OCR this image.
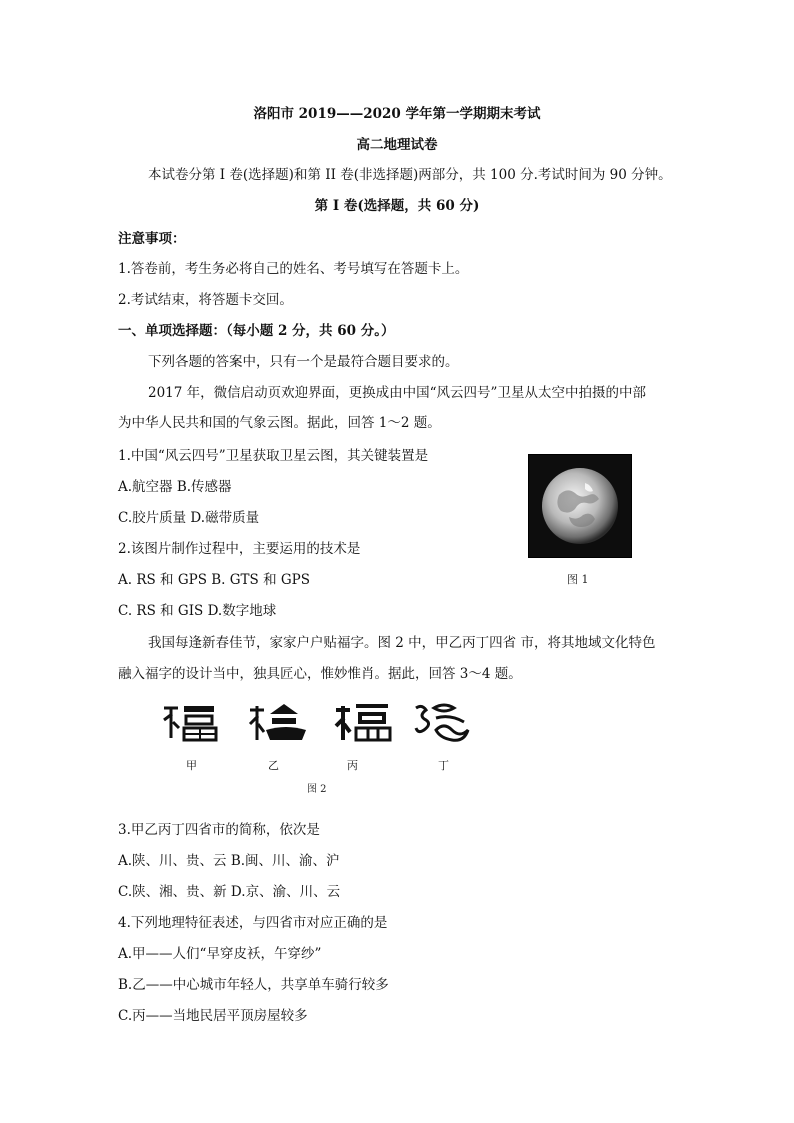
洛阳市 2019——2020 学年第一学期期末考试
高二地理试卷
本试卷分第 I 卷(选择题)和第 II 卷(非选择题)两部分，共 100 分.考试时间为 90 分钟。
第 I 卷(选择题，共 60 分)
注意事项：
1.答卷前，考生务必将自己的姓名、考号填写在答题卡上。
2.考试结束，将答题卡交回。
一、单项选择题：（每小题 2 分，共 60 分。）
下列各题的答案中，只有一个是最符合题目要求的。
2017 年，微信启动页欢迎界面，更换成由中国“风云四号”卫星从太空中拍摄的中部
为中华人民共和国的气象云图。据此，回答 1～2 题。
1.中国“风云四号”卫星获取卫星云图，其关键装置是
A.航空器 B.传感器
C.胶片质量 D.磁带质量
2.该图片制作过程中，主要运用的技术是
A. RS 和 GPS B. GTS 和 GPS
C. RS 和 GIS D.数字地球
图 1
我国每逢新春佳节，家家户户贴福字。图 2 中，甲乙丙丁四省 市，将其地域文化特色
融入福字的设计当中，独具匠心，惟妙惟肖。据此，回答 3～4 题。
甲	乙	丙	丁
图 2
3.甲乙丙丁四省市的简称，依次是
A.陕、川、贵、云 B.闽、川、渝、沪
C.陕、湘、贵、新 D.京、渝、川、云
4.下列地理特征表述，与四省市对应正确的是
A.甲——人们“早穿皮袄，午穿纱”
B.乙——中心城市年轻人，共享单车骑行较多
C.丙——当地民居平顶房屋较多
